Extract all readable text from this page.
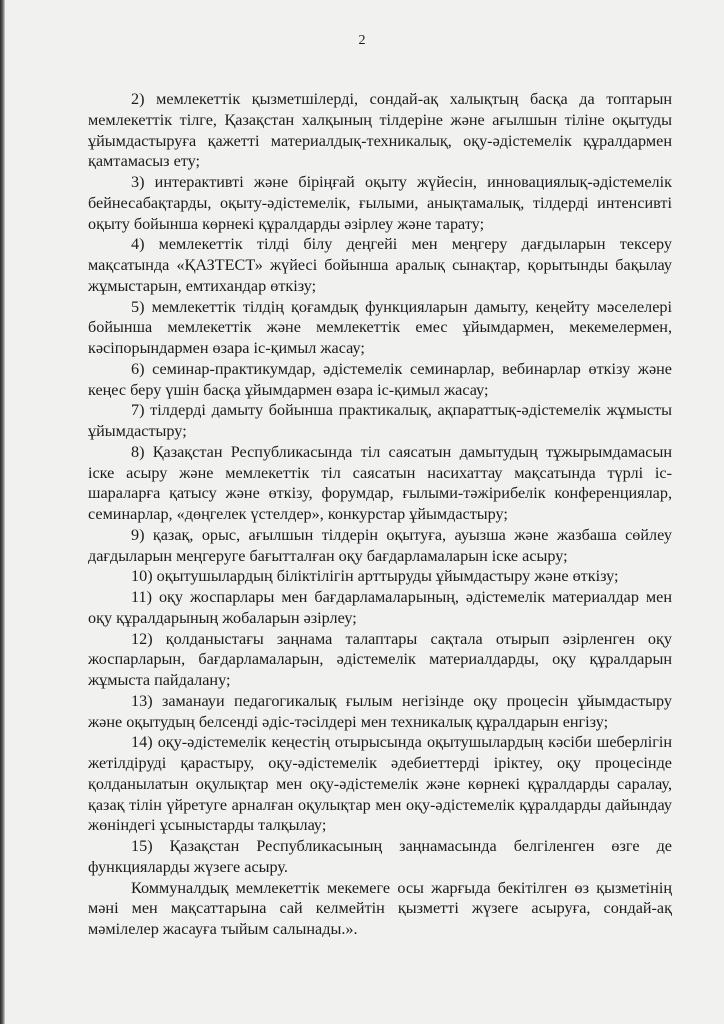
2

2) мемлекеттік қызметшілерді, сондай-ақ халықтың басқа да топтарын мемлекеттік тілге, Қазақстан халқының тілдеріне және ағылшын тіліне оқытуды ұйымдастыруға қажетті материалдық-техникалық, оқу-әдістемелік құралдармен қамтамасыз ету;

3) интерактивті және біріңғай оқыту жүйесін, инновациялық-әдістемелік бейнесабақтарды, оқыту-әдістемелік, ғылыми, анықтамалық, тілдерді интенсивті оқыту бойынша көрнекі құралдарды әзірлеу және тарату;

4) мемлекеттік тілді білу деңгейі мен меңгеру дағдыларын тексеру мақсатында «ҚАЗТЕСТ» жүйесі бойынша аралық сынақтар, қорытынды бақылау жұмыстарын, емтихандар өткізу;

5) мемлекеттік тілдің қоғамдық функцияларын дамыту, кеңейту мәселелері бойынша мемлекеттік және мемлекеттік емес ұйымдармен, мекемелермен, кәсіпорындармен өзара іс-қимыл жасау;

6) семинар-практикумдар, әдістемелік семинарлар, вебинарлар өткізу және кеңес беру үшін басқа ұйымдармен өзара іс-қимыл жасау;

7) тілдерді дамыту бойынша практикалық, ақпараттық-әдістемелік жұмысты ұйымдастыру;

8) Қазақстан Республикасында тіл саясатын дамытудың тұжырымдамасын іске асыру және мемлекеттік тіл саясатын насихаттау мақсатында түрлі іс-шараларға қатысу және өткізу, форумдар, ғылыми-тәжірибелік конференциялар, семинарлар, «дөңгелек үстелдер», конкурстар ұйымдастыру;

9) қазақ, орыс, ағылшын тілдерін оқытуға, ауызша және жазбаша сөйлеу дағдыларын меңгеруге бағытталған оқу бағдарламаларын іске асыру;

10) оқытушылардың біліктілігін арттыруды ұйымдастыру және өткізу;

11) оқу жоспарлары мен бағдарламаларының, әдістемелік материалдар мен оқу құралдарының жобаларын әзірлеу;

12) қолданыстағы заңнама талаптары сақтала отырып әзірленген оқу жоспарларын, бағдарламаларын, әдістемелік материалдарды, оқу құралдарын жұмыста пайдалану;

13) заманауи педагогикалық ғылым негізінде оқу процесін ұйымдастыру және оқытудың белсенді әдіс-тәсілдері мен техникалық құралдарын енгізу;

14) оқу-әдістемелік кеңестің отырысында оқытушылардың кәсіби шеберлігін жетілдіруді қарастыру, оқу-әдістемелік әдебиеттерді іріктеу, оқу процесінде қолданылатын оқулықтар мен оқу-әдістемелік және көрнекі құралдарды саралау, қазақ тілін үйретуге арналған оқулықтар мен оқу-әдістемелік құралдарды дайындау жөніндегі ұсыныстарды талқылау;

15) Қазақстан Республикасының заңнамасында белгіленген өзге де функцияларды жүзеге асыру.

Коммуналдық мемлекеттік мекемеге осы жарғыда бекітілген өз қызметінің мәні мен мақсаттарына сай келмейтін қызметті жүзеге асыруға, сондай-ақ мәмілелер жасауға тыйым салынады.».
